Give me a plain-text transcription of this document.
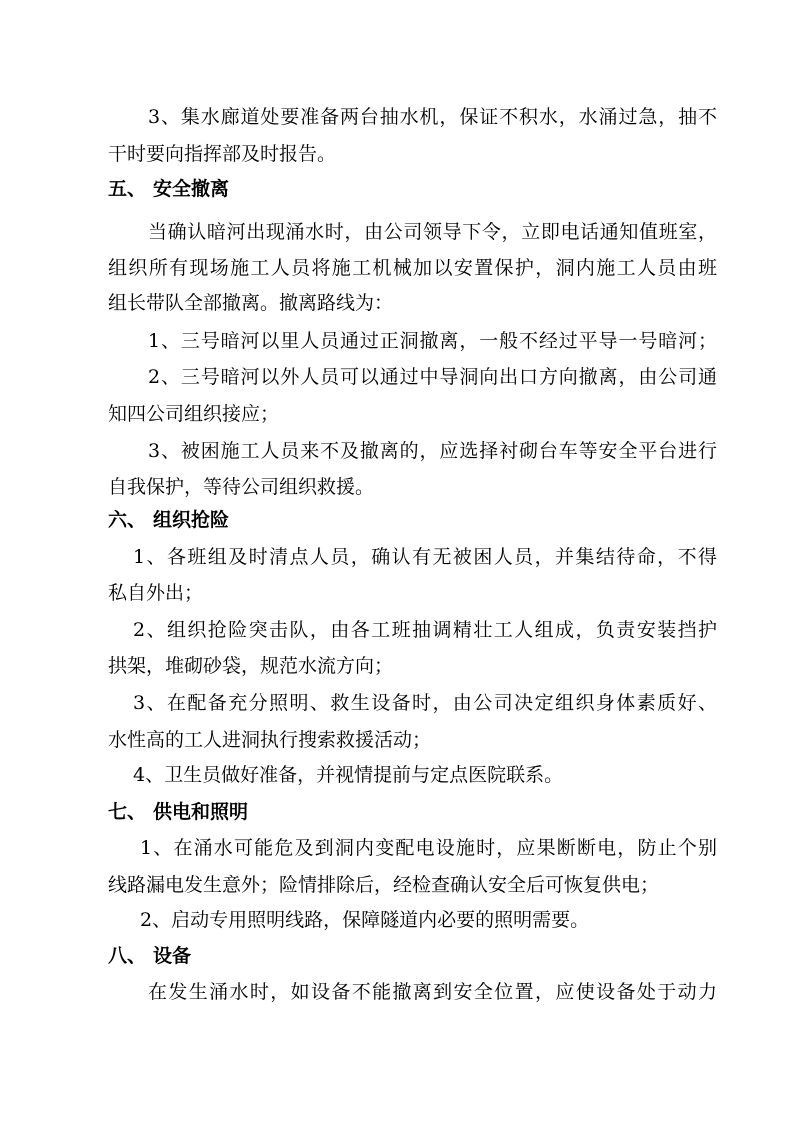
3、集水廊道处要准备两台抽水机，保证不积水，水涌过急，抽不
干时要向指挥部及时报告。
五、 安全撤离
当确认暗河出现涌水时，由公司领导下令，立即电话通知值班室，
组织所有现场施工人员将施工机械加以安置保护，洞内施工人员由班
组长带队全部撤离。撤离路线为：
1、三号暗河以里人员通过正洞撤离，一般不经过平导一号暗河；
2、三号暗河以外人员可以通过中导洞向出口方向撤离，由公司通
知四公司组织接应；
3、被困施工人员来不及撤离的，应选择衬砌台车等安全平台进行
自我保护，等待公司组织救援。
六、 组织抢险
1、各班组及时清点人员，确认有无被困人员，并集结待命，不得
私自外出；
2、组织抢险突击队，由各工班抽调精壮工人组成，负责安装挡护
拱架，堆砌砂袋，规范水流方向；
3、在配备充分照明、救生设备时，由公司决定组织身体素质好、
水性高的工人进洞执行搜索救援活动；
4、卫生员做好准备，并视情提前与定点医院联系。
七、 供电和照明
1、在涌水可能危及到洞内变配电设施时，应果断断电，防止个别
线路漏电发生意外；险情排除后，经检查确认安全后可恢复供电；
2、启动专用照明线路，保障隧道内必要的照明需要。
八、 设备
在发生涌水时，如设备不能撤离到安全位置，应使设备处于动力
